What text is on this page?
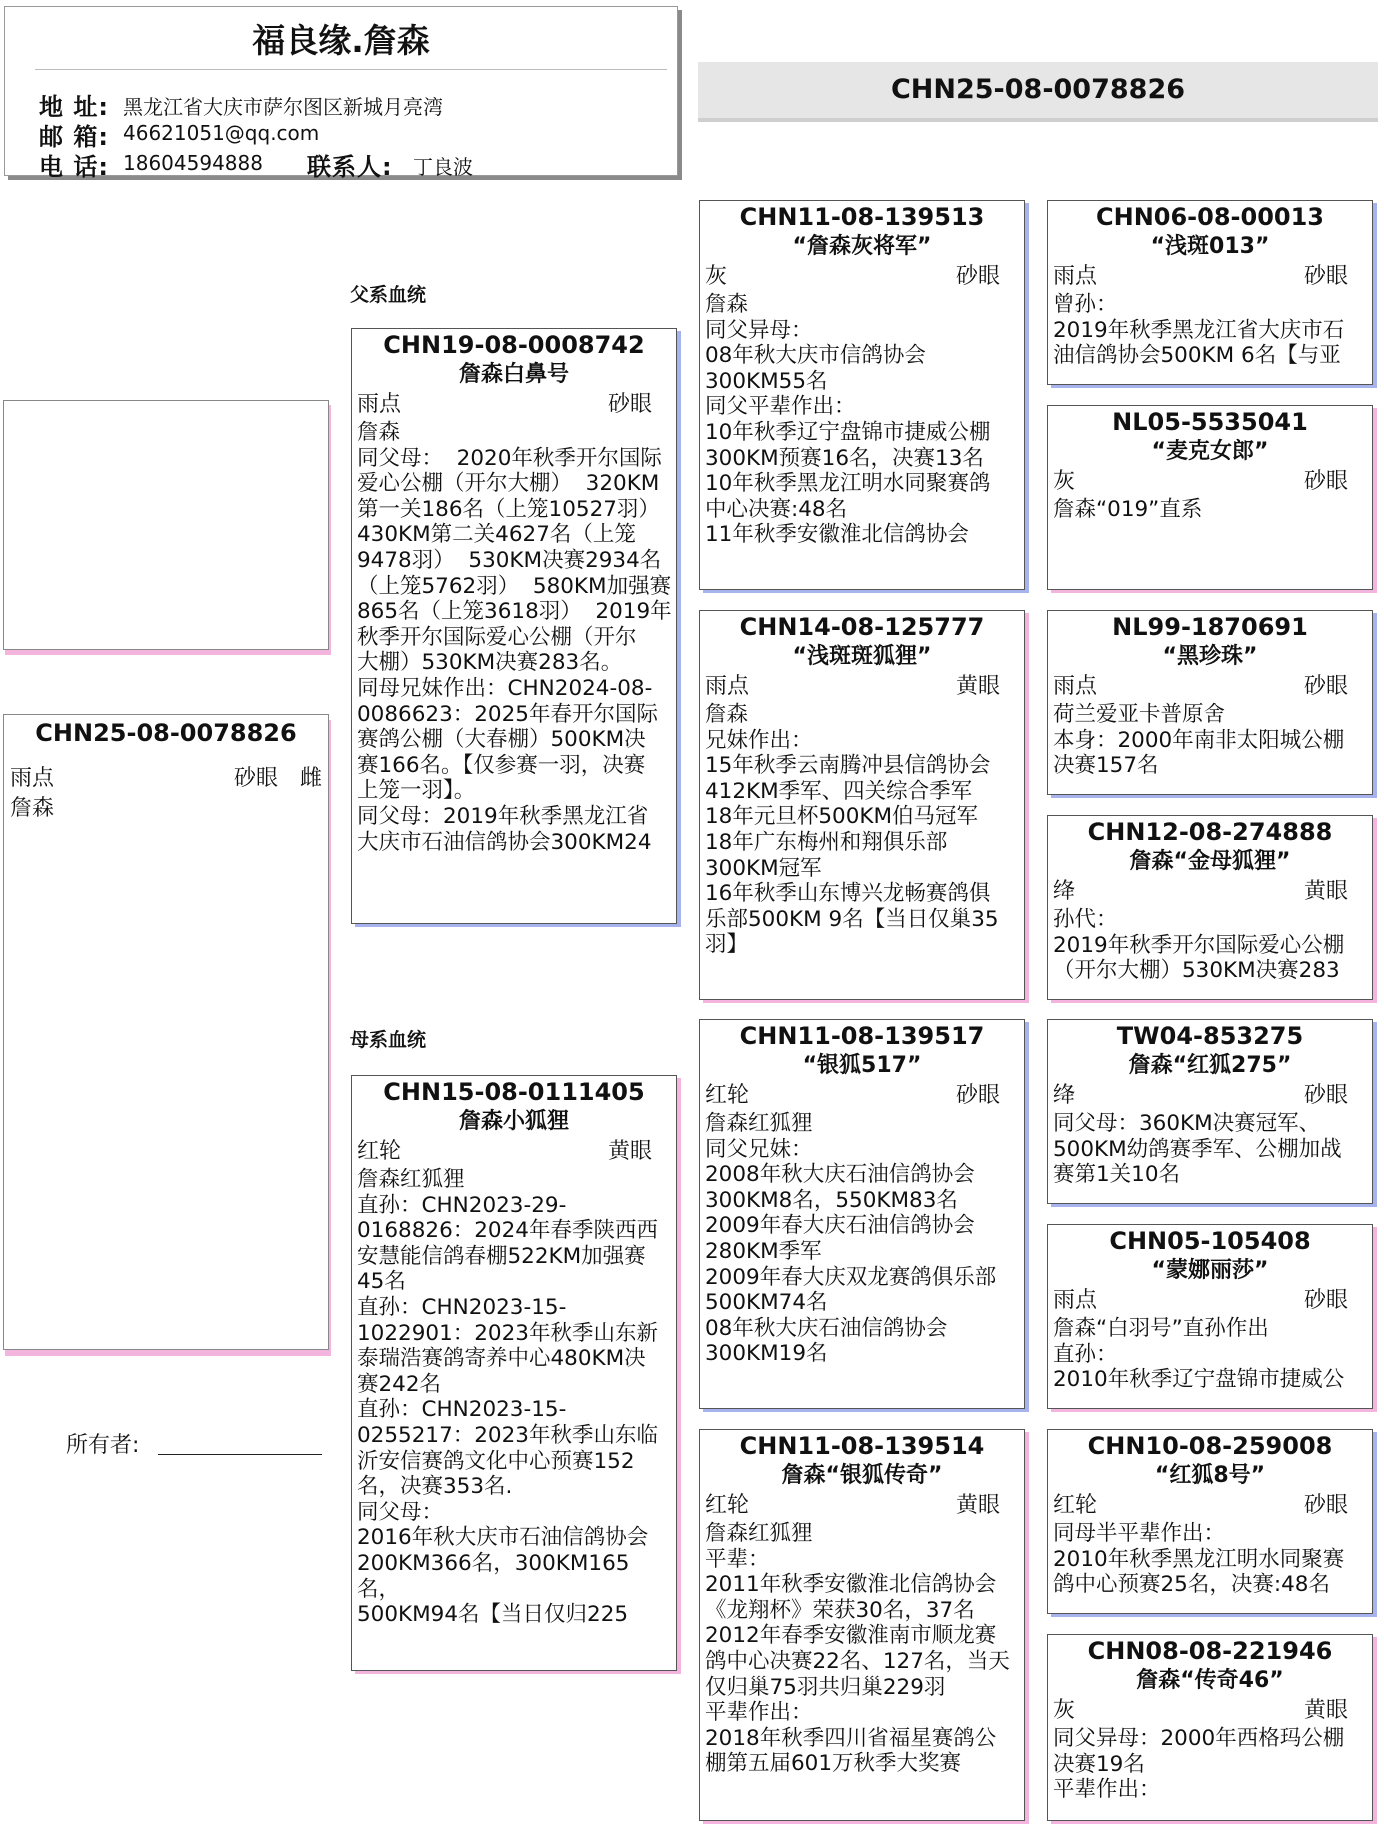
福良缘.詹森
地 址: 黑龙江省大庆市萨尔图区新城月亮湾
邮 箱: 46621051@qq.com
电 话: 18604594888 联系人: 丁良波
CHN25-08-0078826
CHN25-08-0078826
雨点	砂眼 雌
詹森
父系血统
母系血统
所有者:
CHN19-08-0008742
詹森白鼻号
雨点	砂眼
詹森
同父母：  2020年秋季开尔国际
爱心公棚（开尔大棚）  320KM
第一关186名（上笼10527羽）
430KM第二关4627名（上笼
9478羽）  530KM决赛2934名
（上笼5762羽）  580KM加强赛
865名（上笼3618羽）  2019年
秋季开尔国际爱心公棚（开尔
大棚）530KM决赛283名。
同母兄妹作出：CHN2024-08-
0086623：2025年春开尔国际
赛鸽公棚（大春棚）500KM决
赛166名。【仅参赛一羽，决赛
上笼一羽】。
同父母：2019年秋季黑龙江省
大庆市石油信鸽协会300KM24
CHN15-08-0111405
詹森小狐狸
红轮	黄眼
詹森红狐狸
直孙：CHN2023-29-
0168826：2024年春季陕西西
安慧能信鸽春棚522KM加强赛
45名
直孙：CHN2023-15-
1022901：2023年秋季山东新
泰瑞浩赛鸽寄养中心480KM决
赛242名
直孙：CHN2023-15-
0255217：2023年秋季山东临
沂安信赛鸽文化中心预赛152
名，决赛353名.
同父母：
2016年秋大庆市石油信鸽协会
200KM366名，300KM165名，
500KM94名【当日仅归225
CHN11-08-139513
“詹森灰将军”
灰	砂眼
詹森
同父异母：
08年秋大庆市信鸽协会
300KM55名
同父平辈作出：
10年秋季辽宁盘锦市捷威公棚
300KM预赛16名，决赛13名
10年秋季黑龙江明水同聚赛鸽
中心决赛:48名
11年秋季安徽淮北信鸽协会
CHN14-08-125777
“浅斑斑狐狸”
雨点	黄眼
詹森
兄妹作出：
15年秋季云南腾冲县信鸽协会
412KM季军、四关综合季军
18年元旦杯500KM伯马冠军
18年广东梅州和翔俱乐部
300KM冠军
16年秋季山东博兴龙畅赛鸽俱
乐部500KM 9名【当日仅巢35
羽】
CHN11-08-139517
“银狐517”
红轮	砂眼
詹森红狐狸
同父兄妹：
2008年秋大庆石油信鸽协会
300KM8名，550KM83名
2009年春大庆石油信鸽协会
280KM季军
2009年春大庆双龙赛鸽俱乐部
500KM74名
08年秋大庆石油信鸽协会
300KM19名
CHN11-08-139514
詹森“银狐传奇”
红轮	黄眼
詹森红狐狸
平辈：
2011年秋季安徽淮北信鸽协会
《龙翔杯》荣获30名，37名
2012年春季安徽淮南市顺龙赛
鸽中心决赛22名、127名，当天
仅归巢75羽共归巢229羽
平辈作出：
2018年秋季四川省福星赛鸽公
棚第五届601万秋季大奖赛
CHN06-08-00013
“浅斑013”
雨点	砂眼
曾孙：
2019年秋季黑龙江省大庆市石
油信鸽协会500KM 6名【与亚
NL05-5535041
“麦克女郎”
灰	砂眼
詹森“019”直系
NL99-1870691
“黑珍珠”
雨点	砂眼
荷兰爱亚卡普原舍
本身：2000年南非太阳城公棚
决赛157名
CHN12-08-274888
詹森“金母狐狸”
绛	黄眼
孙代：
2019年秋季开尔国际爱心公棚
（开尔大棚）530KM决赛283
TW04-853275
詹森“红狐275”
绛	砂眼
同父母：360KM决赛冠军、
500KM幼鸽赛季军、公棚加战
赛第1关10名
CHN05-105408
“蒙娜丽莎”
雨点	砂眼
詹森“白羽号”直孙作出
直孙：
2010年秋季辽宁盘锦市捷威公
CHN10-08-259008
“红狐8号”
红轮	砂眼
同母半平辈作出：
2010年秋季黑龙江明水同聚赛
鸽中心预赛25名，决赛:48名
CHN08-08-221946
詹森“传奇46”
灰	黄眼
同父异母：2000年西格玛公棚
决赛19名
平辈作出：
